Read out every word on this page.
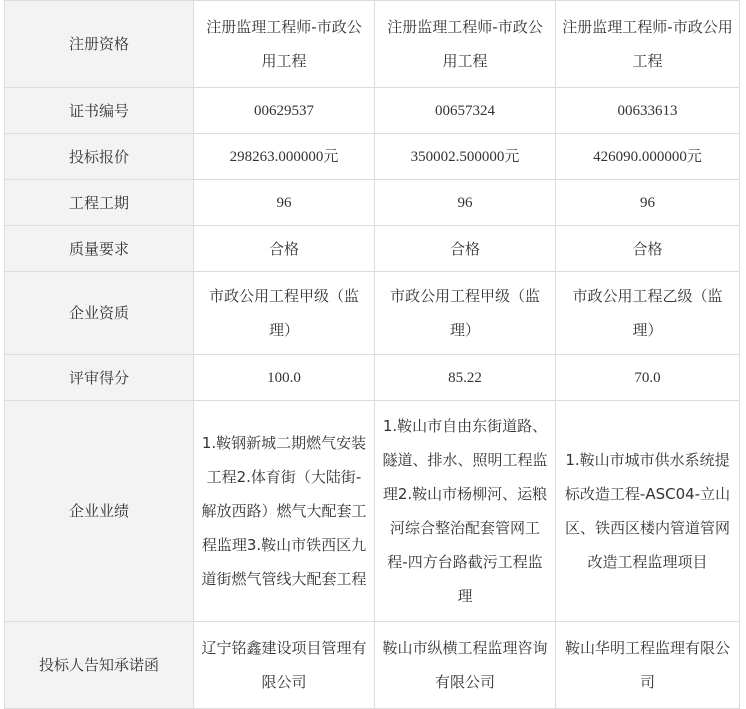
注册资格	注册监理工程师-市政公用工程	注册监理工程师-市政公用工程	注册监理工程师-市政公用工程
证书编号	00629537	00657324	00633613
投标报价	298263.000000元	350002.500000元	426090.000000元
工程工期	96	96	96
质量要求	合格	合格	合格
企业资质	市政公用工程甲级（监理）	市政公用工程甲级（监理）	市政公用工程乙级（监理）
评审得分	100.0	85.22	70.0
企业业绩	1.鞍钢新城二期燃气安装工程2.体育街（大陆街-解放西路）燃气大配套工程监理3.鞍山市铁西区九道街燃气管线大配套工程	1.鞍山市自由东街道路、隧道、排水、照明工程监理2.鞍山市杨柳河、运粮河综合整治配套管网工程-四方台路截污工程监理	1.鞍山市城市供水系统提标改造工程-ASC04-立山区、铁西区楼内管道管网改造工程监理项目
投标人告知承诺函	辽宁铭鑫建设项目管理有限公司	鞍山市纵横工程监理咨询有限公司	鞍山华明工程监理有限公司
